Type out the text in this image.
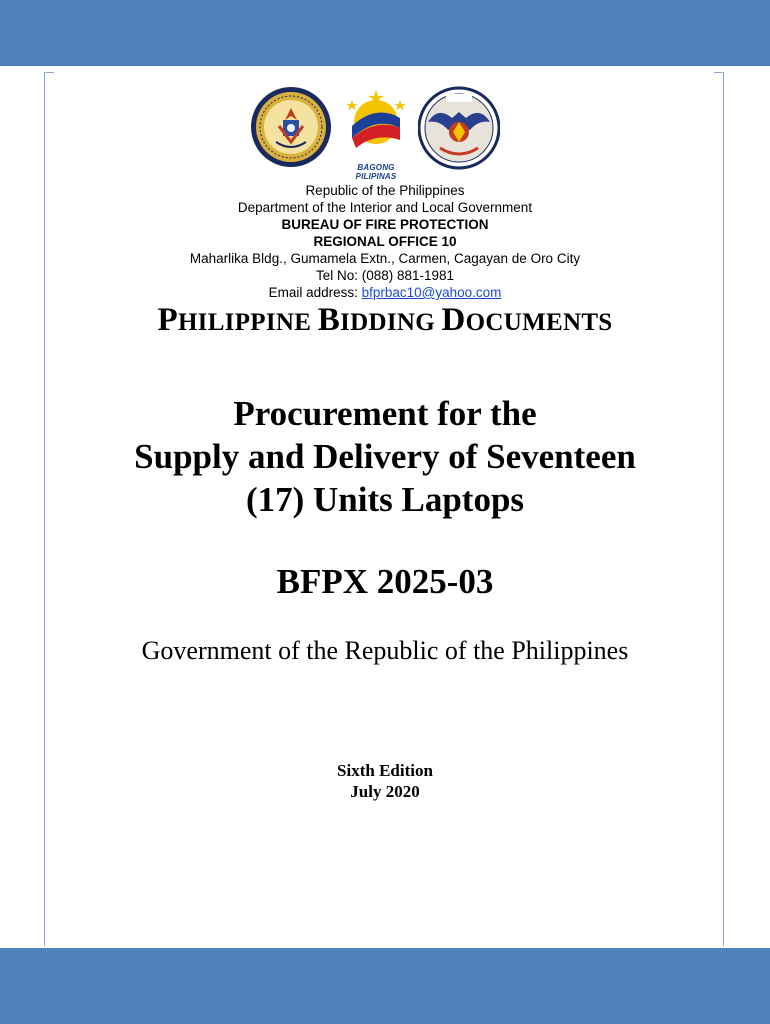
BAGONG PILIPINAS
Republic of the Philippines
Department of the Interior and Local Government
BUREAU OF FIRE PROTECTION
REGIONAL OFFICE 10
Maharlika Bldg., Gumamela Extn., Carmen, Cagayan de Oro City
Tel No: (088) 881-1981
Email address: bfprbac10@yahoo.com
PHILIPPINE BIDDING DOCUMENTS
Procurement for the
Supply and Delivery of Seventeen
(17) Units Laptops
BFPX 2025-03
Government of the Republic of the Philippines
Sixth Edition
July 2020
